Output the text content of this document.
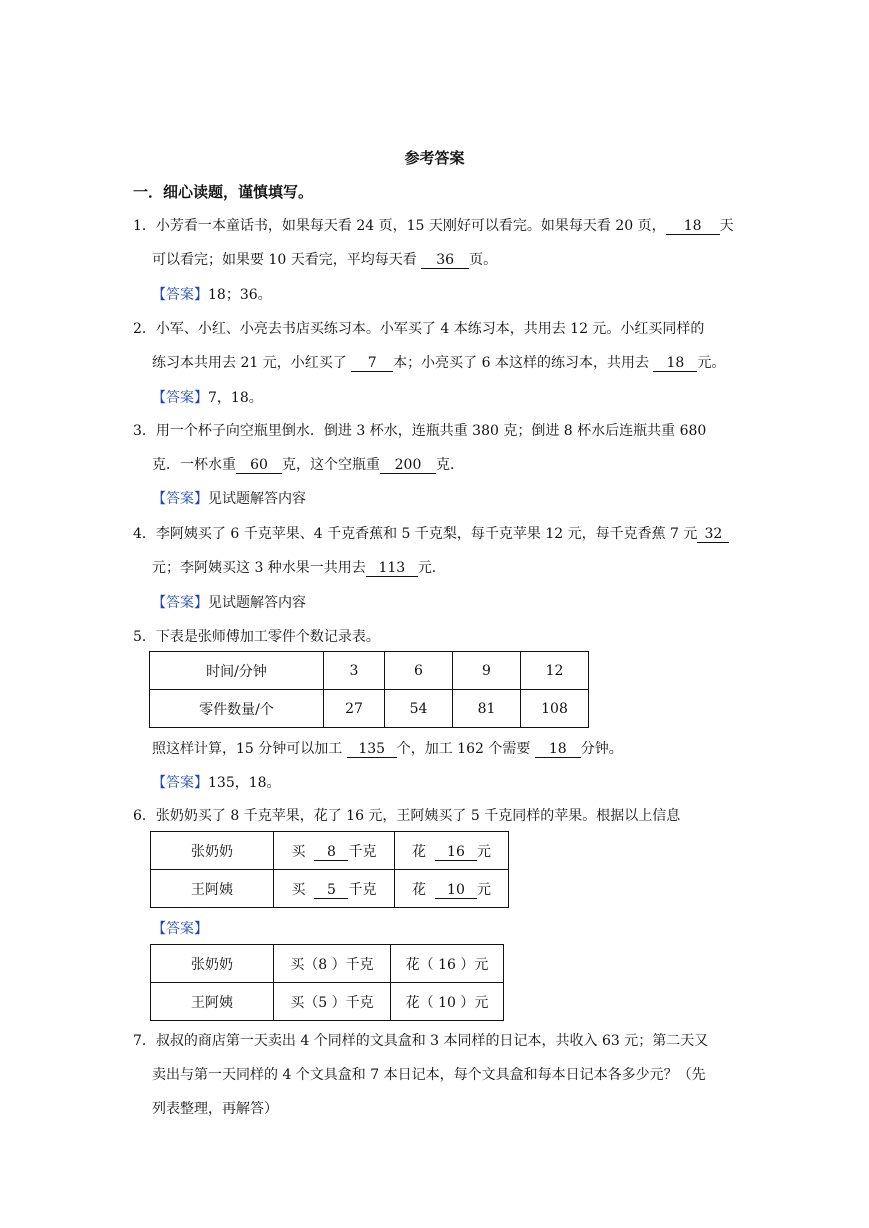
参考答案
一．细心读题，谨慎填写。
1．小芳看一本童话书，如果每天看 24 页，15 天刚好可以看完。如果每天看 20 页， 18 天
可以看完；如果要 10 天看完，平均每天看 36 页。
【答案】18；36。
2．小军、小红、小亮去书店买练习本。小军买了 4 本练习本，共用去 12 元。小红买同样的
练习本共用去 21 元，小红买了 7 本；小亮买了 6 本这样的练习本，共用去 18 元。
【答案】7，18。
3．用一个杯子向空瓶里倒水．倒进 3 杯水，连瓶共重 380 克；倒进 8 杯水后连瓶共重 680
克．一杯水重 60 克，这个空瓶重 200 克．
【答案】见试题解答内容
4．李阿姨买了 6 千克苹果、4 千克香蕉和 5 千克梨，每千克苹果 12 元，每千克香蕉 7 元 32
元；李阿姨买这 3 种水果一共用去 113 元．
【答案】见试题解答内容
5．下表是张师傅加工零件个数记录表。
时间/分钟	3	6	9	12
零件数量/个	27	54	81	108
照这样计算，15 分钟可以加工 135 个，加工 162 个需要 18 分钟。
【答案】135，18。
6．张奶奶买了 8 千克苹果，花了 16 元，王阿姨买了 5 千克同样的苹果。根据以上信息
张奶奶	买 8 千克	花 16 元
王阿姨	买 5 千克	花 10 元
【答案】
张奶奶	买（8 ）千克	花（ 16 ）元
王阿姨	买（5 ）千克	花（ 10 ）元
7．叔叔的商店第一天卖出 4 个同样的文具盒和 3 本同样的日记本，共收入 63 元；第二天又
卖出与第一天同样的 4 个文具盒和 7 本日记本，每个文具盒和每本日记本各多少元？（先
列表整理，再解答）
